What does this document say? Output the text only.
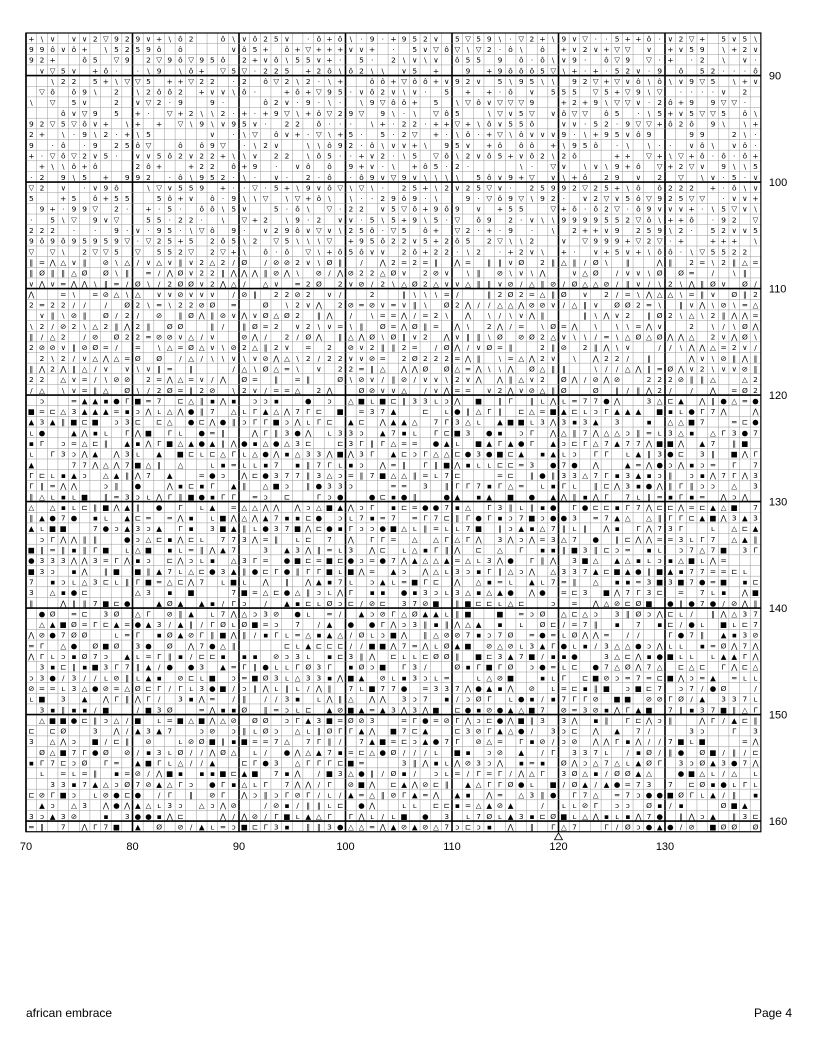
+ \ ∨ ∨ ∨ 2 ▽ 9 2 9 ∨ + \ ô 2	ô \ ∨ ô 2 5 ∨ · ô + ô \ · 9 · + 9 5 2 ∨ 5 ▽ 5 9 \ · ▽ 2 + \ 9 ∨ ▽ · · 5 + + ô · ∨ 2 ▽ + 5 ∨ 5 \
9 9 ô ∨ ô + \ 5 2 5 9 ô ô	∨ ô 5 + ô + ▽ + + + ∨ ∨ + · 5 ∨ ▽ ô ▽ \ ▽ 2 · ô \ ô + ∨ 2 ∨ + ▽ ▽ ∨ + ∨ 5 9 \ + 2 ∨
9 2 +	ô 5 ▽ 9 2 ▽ 9 ô ▽ 9 5 ô 2 + ∨ ô \ 5 5 ∨ + · 5 · 2 \ ∨ \ ∨ ô 5 5 9 ô · ô \ ∨ 9 · ô ▽ 9 ▽ · + · 2 \ ∨ ·
∨ ▽ 5 ∨ + ô ·	· \ 9 \ ô + ▽ 5 ▽ · 2 2 5 + 2 ô \ ô 2 \ \ ∨ 5 +	9 + 9 ô ô ô 5 ▽ \ + · + · 5 2 ∨ · 9 ô 5 2 · · · ô
\ 2 2 5 + \ ▽ ▽ 5 + + ▽ 2 2 · 2 ô ▽ 2 \ 2 · \ +	ô ô + ▽ ô ô + ∨ 9 2 ∨ 5 \ 9 5 \ \ 9 2 ▽ + ▽ ∨ ô \ ô \ ∨ 9 ▽ 5 \ + ∨
▽ ô ô 9 \ 2 \ 2 ô ô 2 + ∨ ∨ \ ô ·	+ ô + ▽ 9 5 · ∨ ô 2 ∨ \ ∨ · 5 + + · ô ∨ 5 5 5 ▽ 5 + ▽ 9 \ ▽ · · · · ∨ 2
\ ▽ 5 ∨	2 ∨ ▽ 2 · 9	9 ·	ô 2 ∨ · 9 · \ ·	\ 9 ▽ ô ô + 5 \ ▽ ô ∨ ▽ ▽ ▽ 9	+ 2 + 9 \ ▽ ▽ ∨ · 2 ô + 9 9 ▽ ▽ ·
ô ∨ ▽ 9 5 + · ▽ + 2 \ \ 2 · + · + 9 ▽ \ + ô ▽ 2 9 ▽ 9 \ · \ ▽ ô 5	\ ▽ ∨ 5 ▽ ∨ ô ▽ ▽ ô 5 · \ 5 + ∨ 5 ▽ ▽ 5 ô \
9 2 ▽ 5 ▽ ô ∨ + \ + + ▽ \ 9 \ ∨ 9 5 ∨ · 2 2 ô · · ·	\ + · 2 2 · + + ▽ + \ ô ∨ 5 5 ô	∨ ∨ · 5 2 · 9 ▽ ▽ + ô 2 ô 9 \	\ +
2 + \ · 9 \ 2 · + \ 5	∨ · \ ▽ ô ∨ + · ▽ \ + 5 · 5 · 2 ▽ + · \ ô · + ▽ \ ô ∨ ∨ ∨ 9 · \ + 9 5 ∨ ô 9	9 9	2 \ ·
9 · ô · 9 2 5 ô ▽	ô ô 9 ▽ · \ 2 ∨	\ \ ô 9 2 · ô \ ∨ ∨ + \ 9 5 ∨ + ô ô ô + \ 9 5 ô · \	\ · · ∨ ô \ ∨ ô ·
+ · ▽ ô ▽ 2 ∨ 5 · ∨ ∨ 5 ô 2 ∨ 2 2 + \ \ ∨ 2 2 \ ô 5 · · + ∨ 2 · \ 5 ▽ ô \ 2 ∨ ô 5 + ∨ ô 2 \ 2 ô	+ + ▽ + \ ▽ + ô · ô · ô +
+ \ \ ô + ô	2 ô +	+ 2 2 ô + 9 · ∨ ô ô 9 + ∨ · \ + ô 5 · 2 ·	\ · ▽ ∨ \ ∨ \ 9 + ô ▽ + 2 ▽ ∨ 9 \ \ 5
· 2 9 \ 5 + 9 9 2 · ô \ 9 5 2 · \ · ∨ · 2 · ô · ô 9 ∨ ▽ 9 ∨ \ \ \ \ 5 ô ∨ 9 + ▽ ∨ \ + ô 2 9 ∨ 2 ▽ \ ∨ · 5 · ∨
▽ 2 ∨ · ∨ 9 ô	\ ▽ ∨ 5 5 9 + · · ▽ · 5 + \ 9 ∨ ô ▽ \ ▽ \ · 2 5 + \ 2 ∨ 2 5 ▽ ∨ · 2 5 9 9 2 ▽ 2 5 + \ ô ô 2 2 2 + · ô \ ∨
5	+ 5 ô + 5 5	5 ô + ∨ ô · 9 \ \ ▽ \ ▽ + ô \	\ · · 2 9 ô 9 · \	9 · ▽ ô 9 ▽ \ 9 2 · ∨ 2 ▽ ∨ 5 ô ▽ 9 2 5 ▽ ▽ · ∨ ∨ +
9 + · 9 9 ▽ 2 · + · 5 · ô ô \ 5 ∨	5 · ô \ ▽ · 2 2 ∨ 5 ▽ ô + 9 ô 9 ∨ + 5 5	▽ + ô · ô 2 ▽ · ô 9 ∨ ∨ ∨ + · \ 5 ▽ ∨ \
· 5 \ ▽ 9 ∨ ▽	5 5 · 2 2 ·	\ ▽ + 2 \ 9 · 2 ∨ ∨ · 5 \ 5 + 9 \ 5 · ▽ ô 9 2 · ∨ \ \ 9 9 9 9 5 5 2 ▽ ô \ + + ô · 9 2 ▽
2 2 2 ·	· 9 · ∨ · 9 5 · \ ▽ ô 9 · ∨ 2 9 ô ∨ ▽ ∨ \ 2 5 ô · ▽ 5 ô + ▽ 2 · + · 9 ·	\ 2 + + ∨ 9 2 5 9 \ 2 · 5 2 ∨ ∨ 5
9 ô 9 ô 9 5 9 5 9 ▽ · ▽ 2 5 + 5 2 ô 5 \ 2 ▽ 5 \ \ \ ▽ + 9 5 ô 2 2 ∨ 5 + 2 ô 5 2 ▽ \ \ 2	∨ ▽ 9 9 9 + ▽ 2 ▽ · +	+ + + \
▽ ▽ \ 2 ▽ ▽ 5 ▽ 5 5 2 ▽ 2 ▽ + \ ô · ô ▽ \ + ô 5 ô ∨ ∨ 2 ô + 2 2 · \ 2 · + 2 ∨ \ + · ∨ + 5 ∨ + \ ô ô · \ ▽ 5 5 2 2
‖ = ⋀ △ ∨ ‖ ⊘ \ △ / ∨ △ ∨ ‖ ∨ 2 △ 2 / Ø / ⊘ ⊘ 2 ∨ \ Ø ‖ / ⋀ 2 = 2 = ‖ ⋀ = ‖ ‖ ∨ Ø 2 ‖ △ ‖ / Ø \ ‖	⋀ ‖ 2 = \ 2 ‖ △ =
‖ Ø ‖ ‖ △ Ø Ø \ ‖ = / ⋀ Ø ∨ 2 2 ‖ ⋀ ⋀ ⋀ ‖ ⊘ ⋀ \ ⊘ / ⋀ ⊘ 2 2 △ Ø ∨ 2 ⊘ ∨ \ ‖ ⊘ \ ∨ \ ⋀	∨ △ Ø / ∨ ∨ \ Ø Ø = /	\ ‖
∨ ⋀ ∨ = ⋀ ⋀ \ ‖ = / Ø \ / 2 Ø Ø ∨ 2 ⋀ △ / △ ∨ = 2 Ø 2 ∨ ⊘ / 2 \ △ Ø 2 △ ∨ ∨ △ ‖ ‖ ∨ ⊘ / △ ‖ ⊘ / Ø △ △ ⊘ / ‖ ∨ / \ 2 \ ⋀ ‖ Ø ∨ Ø /
⋀	= \ = ⊘ △ \ △ ∨ ∨ ⊘ ∨ ∨ ∨ / ⊘ ‖ 2 2 ⊘ 2 ∨ /	2	‖ \ \ \ = /	‖ 2 Ø 2 = △ ‖ Ø ∨ 2 / = \ ⋀ △ △ \ = ‖ ∨ Ø ‖ 2
2 = 2 2 / /	/ Ø 2 \ = \ 2 2 ⊘ Ø =	Ø \ 2 ∨ ⋀ 2 ⊘ = ⊘ ∨ = ∨ ‖ \ Ø 2 ⋀ / / △ △ ⋀ ⊘ ⊘ ∨ / △ ‖ ∨ Ø Ø 2 = \ ‖ ∨ ⋀ \ ⊘ \ = △
∨ ‖ \ ⊘ ‖ Ø / 2 / ⊘ ‖ Ø ⋀ ‖ ⊘ ∨ ⋀ ∨ Ø △ Ø 2 ‖ ⋀ /	\ = = ⋀ / = 2 \ ⋀ \ / \ ∨ ⋀ ‖	‖ \ ⋀ ∨ 2 ‖ Ø 2 \ △ \ 2 ‖ ⋀ ⋀ =
\ 2 / ⊘ 2 \ △ 2 ‖ ⋀ 2 ‖ Ø Ø	‖ / ‖ Ø = 2 ∨ 2 \ ∨ = \ ‖ Ø = ⋀ Ø ‖ = ⋀ \ 2 ⋀ / = \ Ø = ⋀ \	\ \ = ⋀ ∨	2 \ / \ Ø ⋀
‖ / △ 2 / ⊘ Ø 2 2 = ⊘ ⊘ ∨ △ / ∨	⊘ ⋀ / 2 / Ø ⋀ ‖ △ ⋀ Ø \ Ø ‖ ∨ 2 ⋀ ∨ ‖ ‖ \ Ø ⊘ Ø 2 △ ∨ \ \ / = \ △ Ø △ Ø ⋀ ⋀ △ 2 ∨ ⋀ Ø \
2 ⊘ ⊘ ∨ ‖ ⊘ Ø = / = \ △ = Ø △ ∨ \ ⊘ 2 △ ‖ 2 ∨ = 2 ⊘ ∨ 2 ‖ ‖ 2 = / Ø ⋀ / ∨ Ø = ‖	2 ‖ ⊘ 2 ‖ ⋀ \ ∨	/ / \ ⋀ ⋀ △ = 2 ∨ /
2 \ 2 / ∨ △ ⋀ △ = Ø Ø / △ / \ \ ∨ \ ∨ ⊘ ⋀ △ \ 2 / 2 2 ∨ ∨ ⊘ = 2 Ø 2 2 2 = ⋀ ‖ \ = △ ⋀ 2 ∨ \ ⋀ 2 2 / ‖	⋀ ∨ \ ⊘ ‖ ⋀ ‖
‖ ⋀ 2 ⋀ ‖ △ / ∨ ∨ \ ∨ ‖ = ‖	/ △ \ Ø △ = \ ∨ 2 2 = ‖ △ ⋀ ⋀ Ø Ø △ = ⋀ \ \ ⋀ Ø △ ‖ ‖	\ / / △ ⋀ ‖ = Ø ⋀ ∨ 2 \ ∨ ∨ ⊘ ‖
2 2 △ ∨ = / \ ⊘ ⊘ 2 = ⋀ △ = ∨ / ⋀ Ø = ‖ = ‖	Ø \ ⊘ ∨ / ‖ ⊘ / ∨ ∨ \ 2 ∨ ⋀ ⋀ ‖ △ ∨ 2 Ø ⋀ / ⊘ ⋀ ⊘	2 2 2 ⊘ ‖ ‖ △	△ 2
/ △ \ ∨ = ‖ △ Ø \ / 2 Ø = ‖ 2 ⊘ \ 2 ∨ / = = △ 2 ⋀	Ø ⊘ ∨ ∨ △ / ∨ ⋀ = = ∨ 2 ⋀ ∨ ⊘ △ ‖ Ø	Ø ‖ / ‖ ⋀ 2 /	/ ⋀ = Ø 2
ɔ	= ▲ ▲ ▪ ● Γ ■ = 7 ⊏ △ ‖ ▪ ⋀ ▪ ɔ ɔ ▪	● ɔ △ ■ ʟ ■ ⊏ ‖ 3 3 ʟ ɔ ⋀ ■ ‖ Γ ‖ ʟ ⋀ ʟ = 7 7 ● ⋀	3 △ ⊏ ▲ ⋀ ‖ ● △ = ●
■ = ⊏ △ 3 ▲ ▲ ▲ = ▪ ɔ ⋀ ʟ △ ⋀ ● ‖ 7 △ ʟ Γ ▲ △ ⋀ 7 Γ ⊏ ■ = 3 7 ▲	⊏ ʟ ● ‖ △ Γ ‖ ⊏ △ = ■ ▲ ⊏ ʟ ɔ Γ ▲ ▲ ▲ ■ ▪ ʟ ● Γ 7 ⋀	⋀
▲ 3 ▲ ‖ ■ ⊏ ■ ɔ 3 ⊏ ⊏ △ ● ⊏ ⋀ ● ‖ ɔ Γ Γ ■ ɔ ⋀ ʟ Γ ⊏ ▲ ⊏ ⋀ ▲ ▲ △ 7 Γ 3 △ ʟ ▲ ■ ■ ʟ 3 ⋀ 3 ▪ 3 ▲ 3	▪ △ △ ■ 7	= ⊏ ●
ʟ ●	▲ ⋀ ▪ ʟ Γ ⋀ ■ Γ ʟ ● = ‖	⋀ Γ ‖ 3 ● ⋀ ʟ 3 3 ɔ ▲ 7 ▪ ʟ Γ ⊏ ■ 3 ● ▪ ɔ Γ ⋀ △ ‖ 7 ⋀ △ △ ɔ ‖ = ʟ 3 △ ▪ △ Γ 3 ● 7
▪ Γ ɔ = △ ⊏ ‖ ▲ ▪ ⋀ Γ ■ △ ▲ ● ▲ ‖ ⋀ ● ▪ △ ● △ 3 ⊏	⊏ 3 Γ ‖ Γ △ = = ● ▲ ʟ ■ ▲ Γ ▲ ● Γ ▲ ɔ ⊏ Γ △ 7 ▲ 7 7 ⋀ ■ ■ ⋀ ▲ 7 ‖ ■
ʟ Γ 3 ɔ ⋀ ▲ ⋀ 3 ʟ ▲ ■ ⊏ ʟ ⊏ △ Γ ʟ △ ● ⋀ ▪ △ 3 3 ⋀ ■ ⋀ 3 Γ ▲ ⊏ ɔ Γ △ △ ⊏ ● 3 ● ■ ⊏ ▲ ▪ ▲ ʟ ɔ Γ Γ ʟ ▲ ‖ 3 ● ⊏ 3 ‖ ■ ⋀ Γ
▲	7 7 ⋀ △ ⋀ 7 ■ △ ‖ △	ʟ ▪ = ʟ ʟ ▪ 7 ▪ ‖ 7 Γ ʟ ▪ ɔ ⋀ = ‖ Γ ‖ ■ ⋀ ▪ ʟ ʟ ⊏ ⊏ = 3 ● 7 ● ⋀	▲ = ⋀ ● ɔ ⋀ ▪ ɔ = Γ 7
Γ ⊏ ʟ ▪ ▲ ɔ △ ▲ ‖ ⋀ 7 ▲	= ● ɔ ⋀ ⊏ ● 3 7 7 ‖ 3 △ ɔ = ‖ 7 ■ △ △ ‖ = ʟ 7 ⊏	= ⊏ ‖ ● ‖ 3 3 △ 7 Γ ▪ 3 ▲ ▪ ɔ ‖ ɔ ▪ ⋀ 7 Γ ⋀ 3
Γ ‖ = ⋀ ⋀	ɔ ‖ ●	⋀ ▪ ⊏ ▪ Γ ▲ ‖ △ ■ ɔ ‖ ● 3 3 ɔ	= = 3 ‖ Γ Γ 7 ▪ Γ △ = ʟ ▪ Γ ʟ ‖ ⊏ ⋀ 3 ▪ ● ⋀ ‖ Γ ‖ ɔ ɔ △ 3
‖ △ ʟ ▪ ʟ ■ ‖ = 3 ɔ ʟ ⋀ Γ ‖ ■ ● ▪ Γ Γ = ɔ ⊏	Γ ɔ ●	● ⊏ ▪ ● ‖	● ▲ ▪ ▲ ■ ● ▲ ⋀ ‖ ▪ ⋀ Γ 7 ʟ ‖ = ▪ Γ ▪ = ⋀ ɔ ⋀
△ △ ▪ ʟ ⊏ ‖ ■ ⋀ ▲ ‖ ● Γ ʟ ▲ = △ △ ⋀ ⋀ ⋀ ɔ △ ■ ▲ ⋀ ɔ Γ ▪ ⊏ = ● ● 7 ▪ △ Γ 3 ‖ ʟ ‖ ▪ ● Γ ● ⊏ ⊏ ▪ Γ 7 ⋀ ⊏ ⊏ ⋀ = ⊏ ▲ △ ■ 7
‖ ▲ ● 7 ● ▪ ʟ ▲ ⊏ = = ⋀ ▪ ʟ ■ ⋀ △ ⋀ ▲ 7 ▪ ▪ ⊏ ● ɔ ʟ 7 ▪ = 7 = Γ 7 ⊏ ‖ Γ ● Γ ▪ ɔ 7 ■ ɔ ● ● 3 = 7 ▲ △ △ ‖ Γ Γ ⊏ ▲ ■ ⋀ 3 ▲ 3
▲ ʟ ■ ■	7 ● ɔ ▲ 3 ɔ ▲ Γ ▪ 3 ■ ▲ ‖ ʟ ● 3 7 ■ ⋀ ⊏ ● ▪ Γ ɔ ɔ ● ■ △ ʟ ‖ = ʟ ʟ 7 ■ ‖ ɔ ▲ ▪ △ 7 ‖ ʟ ‖ ⋀ ▪ Γ ⋀ 7 3 Γ	ʟ △ ⊏ ▲
ɔ Γ ⋀ ⋀ ‖ ‖	● ɔ △ ⊏ ▪ ⋀ ⊏ ʟ 7 7 3 ⋀ = ‖ ʟ ⊏ 7 ⋀ Γ Γ = △ △ Γ △ Γ ⋀ 3 ⋀ ɔ ⋀ = 3 △ 7 ● ‖ ⊏ ⋀ ⋀ = = 3 ʟ Γ 7 △ ▲ ‖
■ ‖ = ‖ ▪ ‖ Γ ■ ʟ △ ■ ▪ ʟ = ‖ ⋀ ▲ 7	3 ▲ 3 ⋀ ‖ = ʟ 3 ⋀ ⊏ ʟ △ ▪ Γ ‖ ⋀ ⊏ △ Γ ▪ ▪ ‖ ■ 3 ‖ ⊏ ɔ = ▪ ʟ ɔ 7 △ 7 ■ 3 Γ
● 3 3 3 ⋀ ⋀ 3 = Γ ⋀ ▪ ɔ ⊏ ⋀ ɔ ʟ ▪ △ 3 Γ = ● ■ ⊏ = ■ ⊏ ● ɔ = ● 7 ⋀ ▲ △ △ ▲ = △ ʟ 3 ⋀ ● Γ ‖ ⋀ 3 ■ △ ▲ △ ▪ ʟ ɔ ▪ △ ■ ʟ ⋀ =
■ 3 ɔ ▪ ⋀ ‖ ■ ■ ‖ ▲ 7 ʟ △ ⊏ ● 3 ▲ ‖ ● ⊏ Γ ● ‖ Γ Γ ■ ʟ ■ ⋀ = ▲ ɔ ⋀ △ ʟ 3 ɔ ▪ Γ ‖ △ ɔ ⋀ △ 3 3 7 ▲ ⊏ ■ ▲ ● ‖ ■ ▲ ▪ 7 7 = = ⊏ ʟ
7 ▪ ɔ ʟ △ 3 ⊏ ʟ ‖ Γ ■ = △ ⊏ ⋀ 7 ʟ ■ ʟ ⋀ ‖ ⋀ ▲ ▪ 7 ʟ ɔ ▲ ʟ = ■ Γ ⊏ ⋀ △ ▪ = ʟ ▲ ʟ 7 = ‖ △ ▪ ▪ = 3 ■ 3 ■ 7 ● = ■ ▪ ⊏
3 △ ▪ ● ⊏	△ 3 ▪ ■	7 ■ = △ ⊏ ● △ ‖ ɔ ʟ ⋀ Γ ▪ ▪ ● ▪ 3 ɔ ʟ 3 △ ▪ △ ▲ ● ⋀ ● = ⊏ 3 ■ ⋀ 7 Γ 3 ⊏ = 7 ʟ ▪ ⋀ ■
‖	⋀ ‖ ‖ 7 ■ ⊏ ●	▲ Ø ▲ ▲ ▪ / Γ ɔ / ▲ ▪ ⊏ ʟ Ø ɔ ⊏ / ⊘ ⊏ 3 7 ⊘ ■ ‖ ■ ⊏ ⊏ ʟ △ ⊏	ɔ = ⋀ △ ⊘ ⊏ Ø ■ ● ‖ ● 7 ● / ⊘ ⋀ ‖
● Ø = ⊏ 3 Ø △ Γ ⊘ ‖ ▲ ʟ 7 ⋀ △ ɔ 3 ⊘ ● ʟ = / ▲ ɔ ⊘ Γ △ Ø ▲ ▲ ʟ ‖ ■	■ = ɔ Ø △ ⊏ △ ɔ 3 ‖ Ø ɔ ⋀ ⊏ ʟ / ‖ ⋀ △ 3 7
△ ▲ ■ Ø = Γ ⊏ ▲ = ● ▲ 3 / ▲ ‖ / Γ Ø ʟ Ø ■ = ɔ 7 / ▲ ● ● Γ ⋀ ɔ 3 ‖ ▪ ‖ ⋀ △ ▲ ▪ ʟ Ø ⊏ / = 7 ‖ ▪ 7 ▪ ⊏ / ● ʟ ■ ʟ ⊏ 7
⋀ ⊘ ● 7 Ø Ø	ʟ = Γ ▪ Ø ▲ ⊘ Γ ‖ ■ ⋀ ‖ / ▪ Γ ʟ = △ ▪ ▲ △ / Ø ʟ ɔ ■ ⋀ ‖ △ ⊘ ⊘ 7 ▪ ɔ 7 Ø = ● = ʟ Ø ⋀ ⋀ = / /	Γ ● 7 ‖ ▲ ▪ 3 ⊘
= Γ △ ● Ø ■ Ø 3 ● Ø ⋀ 7 ● △ ‖	⊏ ʟ ▲ ⊏ ⊏ ⊏ / / ■ ■ ⋀ 7 = ⋀ ʟ Ø ▲ ■ ⊘ △ ⊘ ʟ 3 ▲ Γ ● ʟ ▪ / 3 △ △ ● ɔ ⋀ ʟ ʟ ▪ = Ø ⋀ 7 ⋀
⋀ Γ ʟ ɔ ▪ Ø 7 ɔ ▲ ʟ = Γ ‖ ▪ / ⊏ ⊏ ▪ ▪ ▪ ⊘ ɔ 3 ʟ ▪ ⊏ 3 ‖ ⋀ ⊏ ʟ ʟ ⊏ Ø Ø ‖ ■ ⊏ 3 ▲ 7 ■ / ▪ ▪ ●	3 △ ⊏ ⋀ ▪ ● ■ ʟ ʟ ʟ ▲ ▲ Γ ⋀
3 ▪ ⊏ ‖ ▪ ■ 3 Γ 7 ‖ ▲ / ● ● 3 ▲ = Γ ‖ ● ʟ ʟ Γ Ø 3 Γ ▪ Ø ɔ ■ Γ 3 /	Ø ▪ Γ ■ Γ Ø ɔ ● = ʟ ⊏ ● 7 △ Ø ⋀ 7 △ ⊏ △ ⊏ Γ ⋀ ⊏ △
ɔ 3 ● / 3 / / ʟ ⊘ ‖ ʟ ▲ ▪ ⊘ ⊏ ʟ ■ ɔ = ■ Ø 3 ʟ △ 3 3 ▪ ⋀ ■ ▲ ⊘ ʟ ▪ 3 ɔ ʟ =	ʟ △ ⊘ ■	▪ ʟ Γ ⊏ ■ ⊘ ɔ = 7 = ⊏ ■ ⋀ ɔ = ▲ = ʟ ʟ
⊘ = = ʟ 3 △ ● ⊘ = △ Ø ⊏ Γ / Γ ʟ 3 ● ■ / ɔ ‖ ⋀ ʟ ‖ ʟ / ⋀ ‖ 7 ʟ ■ 7 7 ● = 3 3 7 ⋀ ● ▲ ▪ ⋀ ⊘ ʟ = ⊏ ▪ ‖ ■ ɔ ■ ⊏ 7 ɔ 7 / ● Ø	/
ʟ ■ 3 ▲ ⋀ Γ ‖ ⋀ Γ / 3 ▪ ⋀ = / ‖ / / 3 ▪ ʟ ⋀ ‖ △ ⋀ ⋀ 3 ɔ 7 ▪ / ɔ Ø Γ ʟ ● ▪ / ▪ 7 Γ Γ ⊘ ■ ■ ⊘ ⊘ Γ Ø / ▲ 3 3 7 ʟ
3 ▪ ‖ ▪ ▪ / ■	/ ■ 3 Ø	= ⋀ ▪ ▪ Ø ‖ = ɔ ʟ ⊏ ▲ ⊘ ■ ▲ = ▲ 3 ⋀ 3 ⋀ ■ ⊏ ● ▪ ⊘ ● ▲ △ ■ 7 ⊘ = 3 ⊘ ▪ ⋀ Γ ▲ ■ 7 ‖ ▪ 3 7 ■ ‖ △ Γ
△ ■ ■ ● ⊏ ‖ ɔ △ / ■ ʟ = ■ △ ■ ⋀ △ ⊘ Ø Ø ɔ Γ ▲ 3 ■ = Ø ⊘ 3	= Γ ● = ⊘ Γ ⋀ ɔ ⊏ ● ⋀ ■ ‖ 3 3 ⋀ ▪ ‖ Γ ⊏ ⋀ ɔ ‖	⋀ Γ / ▲ ⊏ ‖
⊏ ⊏ Ø	3 ⋀ / ▲ 3 ▲ 7	ɔ ⊘ ɔ ‖ ʟ Ø ɔ △ ʟ ‖ Ø Γ Γ ▲ ⋀ ■ 7 ⊏ ▲	⊏ 3 ⊘ Γ ▲ △ ● / 3 ɔ ⊏ ⋀ ▲ 7 /	3 ɔ	Γ 3
3 △ ⋀ ɔ ■ / ⊏ ‖ ⊘	ʟ ⊘ Ø ■ ‖ ▪ ■ = = 7 △ 7 Γ ‖ / 7 ▲ ■ = ⊏ ɔ ▲ ● 7 Γ ⊘ △ = Γ ▪ ⊘ / ɔ ⊘ ⋀ ⋀ Γ ▪ ⋀ / / 7 ■ ʟ ■	= ⋀
Ø △ ■ 7 Γ ● Ø ⊘ / ▪ 3 ʟ Ø / / ⋀ Ø △ ʟ / ● ⋀ △ ▲ 7 ▪ = ⊏ △ ● Ø / / / ʟ ■ ▪ ɔ ⊘ ▲ / Γ 3 3 7 ʟ / ▪ Ø / ‖ ● Ø ■ / ‖ / ⊏
▪ Γ 7 ⊏ ɔ Ø Γ = ▲ ■ Γ ʟ △ / / ▲	⊏ Γ ● 3 △ Γ Γ Γ ⊏ ■ =	3 ‖ ⋀ ▪ ʟ ⋀ ⊘ 3 ɔ ⋀ ▪ = ▪ Ø ⋀ ɔ △ 7 △ ʟ ▲ Ø Γ 3 ɔ Ø ▲ 3 ● 7 ⋀
ʟ = ʟ = ‖ ▪ = ⊘ / ⋀ ■ ▪ ▪ ▪ ■ ⊏ ▲ ■ 7 ▪ ⋀ / ■ 3 △ ● ‖ / Ø ▪ / ɔ ʟ = / Γ = Γ / ⋀ △ Γ 3 Ø △ ▪ / Ø Ø ▲ △	● ■ △ ʟ / △ ʟ
3 3 ▪ 7 ▲ △ ɔ Ø 7 ⊘ ▲ △ Γ ɔ ● Γ ▪ △ ʟ Γ 7 ⋀ ⋀ / Γ ⊘ ■ ⋀ ⊏ ▲ ⋀ ⊘ ⊏ ‖ ▲ △ Γ Γ Ø ● ʟ ■ / Ø ▲ / ▲ ● = 7 3 7 ⊏ Ø ▪ ● ʟ Γ ʟ
⊏ ⊘ Γ ■ ɔ ʟ ⊘ ● ⊏ ● / Γ ‖ ⊘ Γ ⋀ ɔ ‖ ɔ Γ ⊘ Γ / ʟ / ▲ = △ ‖ ⊘ Γ ▲ = ⋀ ▲ ▪ ⋀ = △ 3 ‖ ● Γ 7 △ = 7 ɔ ● ● ■ Ø Γ ʟ ▲ / ‖ ▪
▲ ɔ △ 3 ⋀ ● ⋀ ▲ △ ʟ 3 ɔ △ ɔ ⋀ ⊘	/ ⊘ ▪ / ‖ ‖ ʟ ⊏ ● ⋀	ʟ ʟ ⊏ ⊏ ▪ = △ ▲ ⊘ ▲	/ ʟ ʟ ⊘ Γ ɔ ɔ Ø ▪ / ▪	Ø ■ ▲
3 ɔ ▲ 3 ⊘	▪ 3 ● ● ▪ ⋀ ⊏	⋀ / ⋀ ⊘ / Γ ■ ʟ ▲ △ Γ Γ ⋀ ʟ / ʟ ■ ● 3 ʟ 7 Ø ʟ ▲ 3 ▪ ⊏ Ø ■ ʟ △ ⋀ ▪ ʟ ▪ ⋀ 7 ● ‖ ⋀ ɔ ▲ ‖ 3 ⊏
= ‖ 7 ⋀ Γ 7 ■ ▲ Ø ⊘ / ▲ ʟ = ɔ ■ ⊏ Γ 3 ▪ ‖ ‖ 3 ● △ △ = ⋀ ▲ ⊘ ▲ ⊘ △ 7 ɔ ⊏ ɔ ▪ ⋀ ‖ Γ △ 7	Γ / Ø ɔ ● ▲ ● / ⊘ ■ Ø Ø Ø
70	80	90	100	110	120	130
90
100
110
120
130
140
150
160
african embrace	Page 4
